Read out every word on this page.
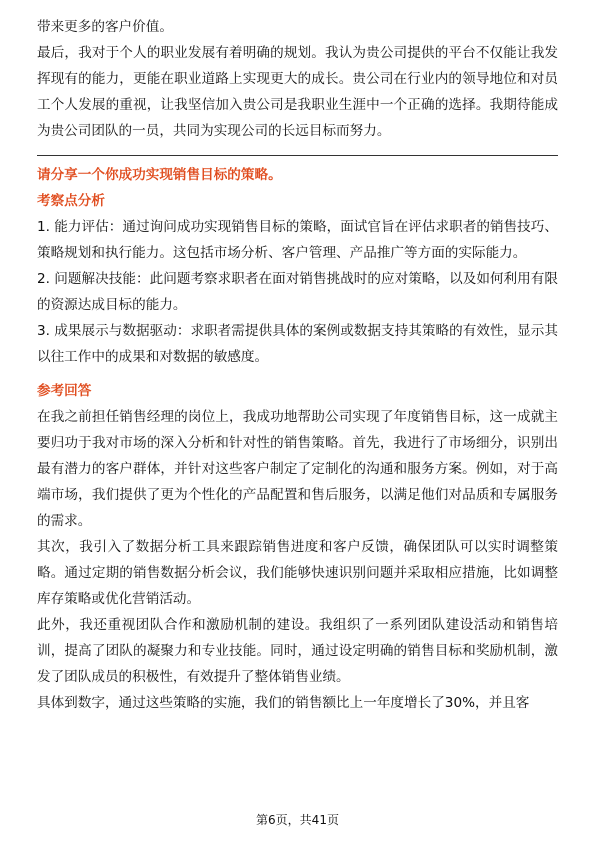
带来更多的客户价值。

最后，我对于个人的职业发展有着明确的规划。我认为贵公司提供的平台不仅能让我发挥现有的能力，更能在职业道路上实现更大的成长。贵公司在行业内的领导地位和对员工个人发展的重视，让我坚信加入贵公司是我职业生涯中一个正确的选择。我期待能成为贵公司团队的一员，共同为实现公司的长远目标而努力。

请分享一个你成功实现销售目标的策略。
考察点分析

1. 能力评估：通过询问成功实现销售目标的策略，面试官旨在评估求职者的销售技巧、策略规划和执行能力。这包括市场分析、客户管理、产品推广等方面的实际能力。

2. 问题解决技能：此问题考察求职者在面对销售挑战时的应对策略，以及如何利用有限的资源达成目标的能力。

3. 成果展示与数据驱动：求职者需提供具体的案例或数据支持其策略的有效性，显示其以往工作中的成果和对数据的敏感度。

参考回答

在我之前担任销售经理的岗位上，我成功地帮助公司实现了年度销售目标，这一成就主要归功于我对市场的深入分析和针对性的销售策略。首先，我进行了市场细分，识别出最有潜力的客户群体，并针对这些客户制定了定制化的沟通和服务方案。例如，对于高端市场，我们提供了更为个性化的产品配置和售后服务，以满足他们对品质和专属服务的需求。

其次，我引入了数据分析工具来跟踪销售进度和客户反馈，确保团队可以实时调整策略。通过定期的销售数据分析会议，我们能够快速识别问题并采取相应措施，比如调整库存策略或优化营销活动。

此外，我还重视团队合作和激励机制的建设。我组织了一系列团队建设活动和销售培训，提高了团队的凝聚力和专业技能。同时，通过设定明确的销售目标和奖励机制，激发了团队成员的积极性，有效提升了整体销售业绩。

具体到数字，通过这些策略的实施，我们的销售额比上一年度增长了30%，并且客

第6页，共41页
